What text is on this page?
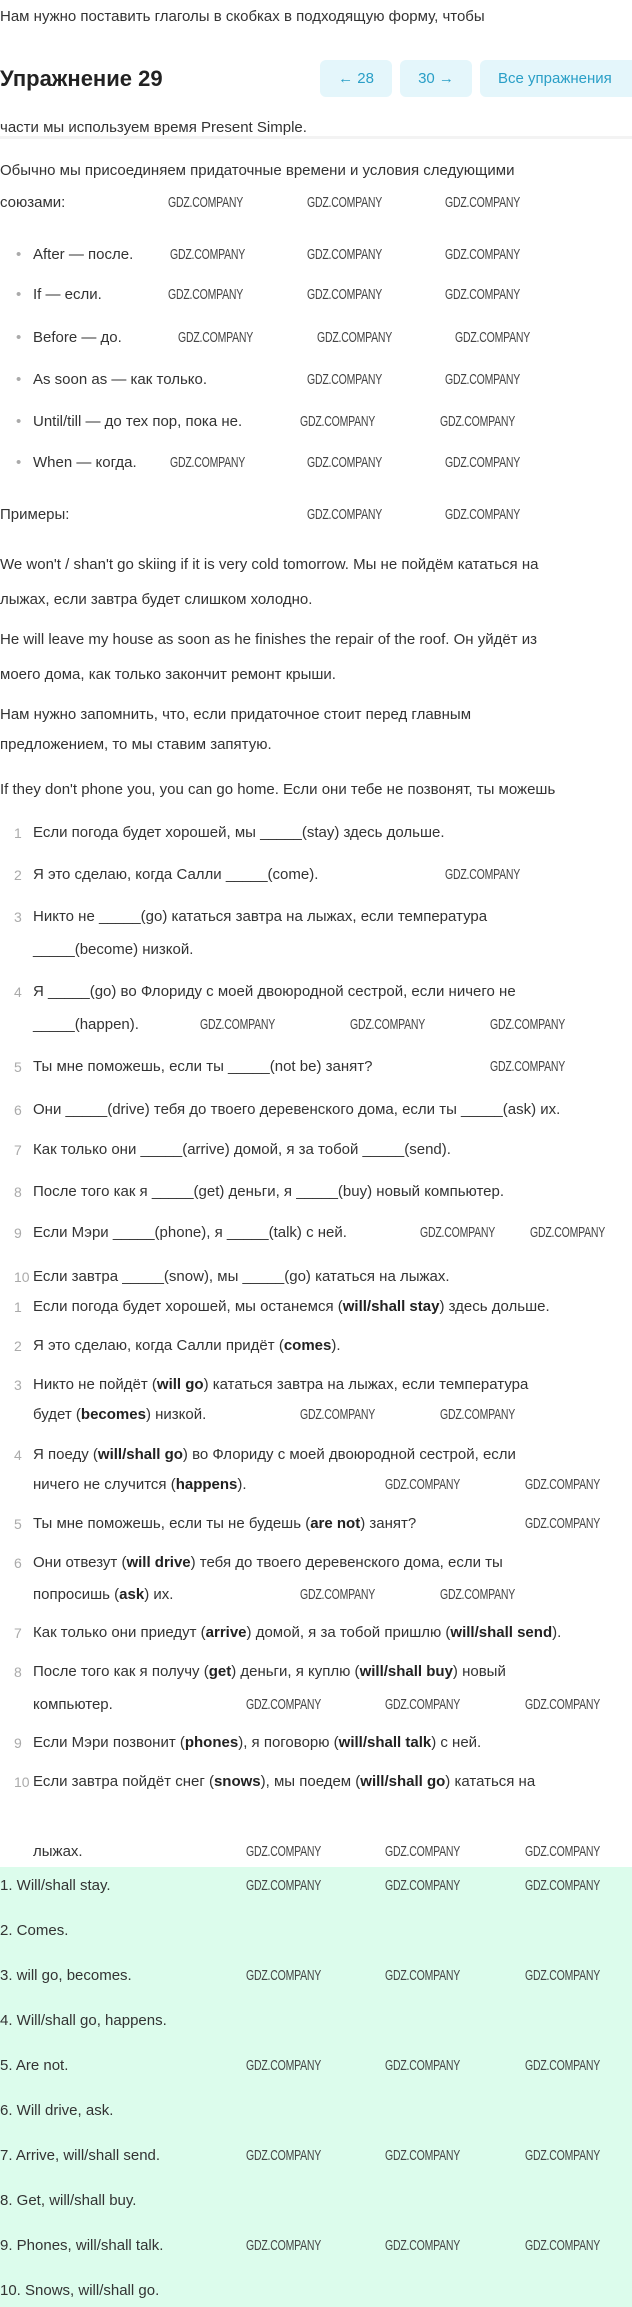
Нам нужно поставить глаголы в скобках в подходящую форму, чтобы
Упражнение 29	← 28	30 →	Все упражнения
части мы используем время Present Simple.
Обычно мы присоединяем придаточные времени и условия следующими
союзами:
• After — после.
• If — если.
• Before — до.
• As soon as — как только.
• Until/till — до тех пор, пока не.
• When — когда.
Примеры:
We won't / shan't go skiing if it is very cold tomorrow. Мы не пойдём кататься на
лыжах, если завтра будет слишком холодно.
He will leave my house as soon as he finishes the repair of the roof. Он уйдёт из
моего дома, как только закончит ремонт крыши.
Нам нужно запомнить, что, если придаточное стоит перед главным
предложением, то мы ставим запятую.
If they don't phone you, you can go home. Если они тебе не позвонят, ты можешь
1 Если погода будет хорошей, мы _____(stay) здесь дольше.
2 Я это сделаю, когда Салли _____(come).
3 Никто не _____(go) кататься завтра на лыжах, если температура
_____(become) низкой.
4 Я _____(go) во Флориду с моей двоюродной сестрой, если ничего не
_____(happen).
5 Ты мне поможешь, если ты _____(not be) занят?
6 Они _____(drive) тебя до твоего деревенского дома, если ты _____(ask) их.
7 Как только они _____(arrive) домой, я за тобой _____(send).
8 После того как я _____(get) деньги, я _____(buy) новый компьютер.
9 Если Мэри _____(phone), я _____(talk) с ней.
10 Если завтра _____(snow), мы _____(go) кататься на лыжах.
1 Если погода будет хорошей, мы останемся (will/shall stay) здесь дольше.
2 Я это сделаю, когда Салли придёт (comes).
3 Никто не пойдёт (will go) кататься завтра на лыжах, если температура
будет (becomes) низкой.
4 Я поеду (will/shall go) во Флориду с моей двоюродной сестрой, если
ничего не случится (happens).
5 Ты мне поможешь, если ты не будешь (are not) занят?
6 Они отвезут (will drive) тебя до твоего деревенского дома, если ты
попросишь (ask) их.
7 Как только они приедут (arrive) домой, я за тобой пришлю (will/shall send).
8 После того как я получу (get) деньги, я куплю (will/shall buy) новый
компьютер.
9 Если Мэри позвонит (phones), я поговорю (will/shall talk) с ней.
10 Если завтра пойдёт снег (snows), мы поедем (will/shall go) кататься на
лыжах.
1. Will/shall stay.
2. Comes.
3. will go, becomes.
4. Will/shall go, happens.
5. Are not.
6. Will drive, ask.
7. Arrive, will/shall send.
8. Get, will/shall buy.
9. Phones, will/shall talk.
10. Snows, will/shall go.
GDZ.COMPANY	GDZ.COMPANY	GDZ.COMPANY
GDZ.COMPANY	GDZ.COMPANY	GDZ.COMPANY
GDZ.COMPANY	GDZ.COMPANY	GDZ.COMPANY
GDZ.COMPANY	GDZ.COMPANY	GDZ.COMPANY
GDZ.COMPANY	GDZ.COMPANY
GDZ.COMPANY	GDZ.COMPANY
GDZ.COMPANY	GDZ.COMPANY	GDZ.COMPANY
GDZ.COMPANY	GDZ.COMPANY
GDZ.COMPANY
GDZ.COMPANY	GDZ.COMPANY	GDZ.COMPANY
GDZ.COMPANY
GDZ.COMPANY GDZ.COMPANY
GDZ.COMPANY	GDZ.COMPANY
GDZ.COMPANY	GDZ.COMPANY
GDZ.COMPANY
GDZ.COMPANY	GDZ.COMPANY
GDZ.COMPANY	GDZ.COMPANY	GDZ.COMPANY
GDZ.COMPANY	GDZ.COMPANY	GDZ.COMPANY
GDZ.COMPANY	GDZ.COMPANY	GDZ.COMPANY
GDZ.COMPANY	GDZ.COMPANY	GDZ.COMPANY
GDZ.COMPANY	GDZ.COMPANY	GDZ.COMPANY
GDZ.COMPANY	GDZ.COMPANY	GDZ.COMPANY
GDZ.COMPANY	GDZ.COMPANY	GDZ.COMPANY
